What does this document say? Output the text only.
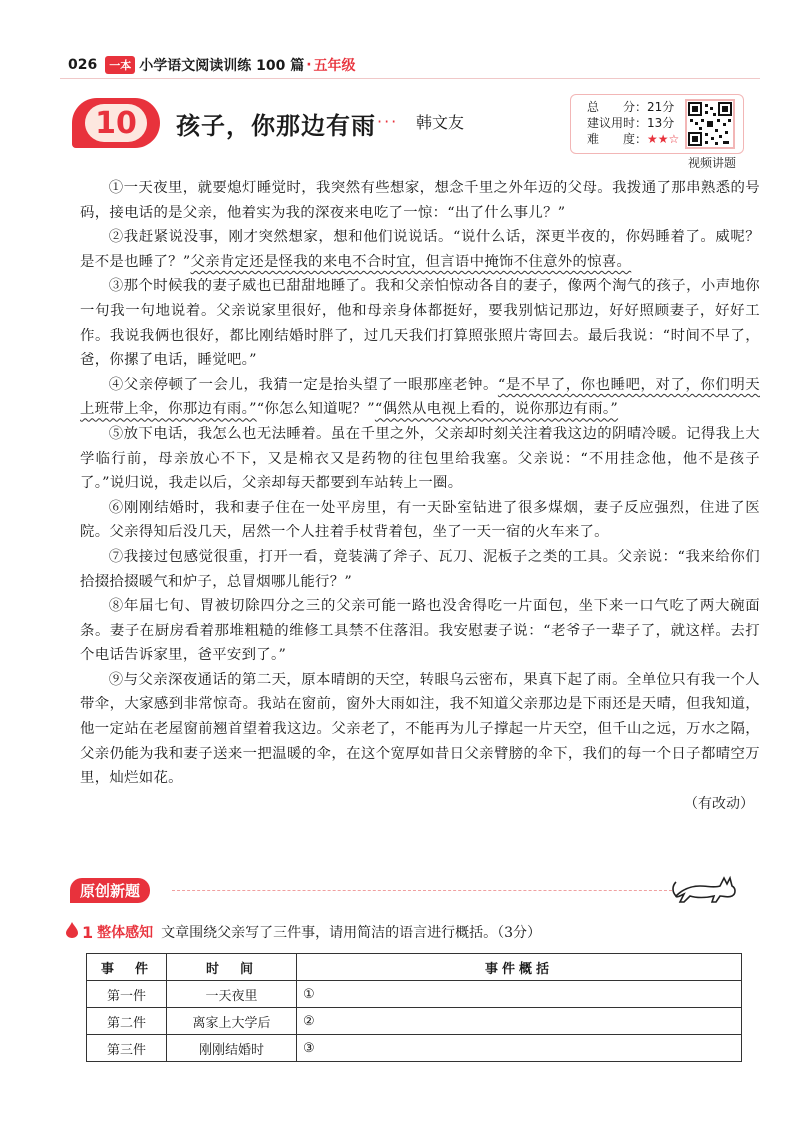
026	一本 小学语文阅读训练 100 篇 · 五年级
10	孩子，你那边有雨 ··· 韩文友
总　　分：21分
建议用时：13分
难　　度：★★☆
视频讲题

①一天夜里，就要熄灯睡觉时，我突然有些想家，想念千里之外年迈的父母。我拨通了那串熟悉的号码，接电话的是父亲，他着实为我的深夜来电吃了一惊：“出了什么事儿？”

②我赶紧说没事，刚才突然想家，想和他们说说话。“说什么话，深更半夜的，你妈睡着了。威呢？是不是也睡了？”父亲肯定还是怪我的来电不合时宜，但言语中掩饰不住意外的惊喜。

③那个时候我的妻子威也已甜甜地睡了。我和父亲怕惊动各自的妻子，像两个淘气的孩子，小声地你一句我一句地说着。父亲说家里很好，他和母亲身体都挺好，要我别惦记那边，好好照顾妻子，好好工作。我说我俩也很好，都比刚结婚时胖了，过几天我们打算照张照片寄回去。最后我说：“时间不早了，爸，你摞了电话，睡觉吧。”

④父亲停顿了一会儿，我猜一定是抬头望了一眼那座老钟。“是不早了，你也睡吧，对了，你们明天上班带上伞，你那边有雨。”“你怎么知道呢？”“偶然从电视上看的，说你那边有雨。”

⑤放下电话，我怎么也无法睡着。虽在千里之外，父亲却时刻关注着我这边的阴晴冷暖。记得我上大学临行前，母亲放心不下，又是棉衣又是药物的往包里给我塞。父亲说：“不用挂念他，他不是孩子了。”说归说，我走以后，父亲却每天都要到车站转上一圈。

⑥刚刚结婚时，我和妻子住在一处平房里，有一天卧室钻进了很多煤烟，妻子反应强烈，住进了医院。父亲得知后没几天，居然一个人拄着手杖背着包，坐了一天一宿的火车来了。

⑦我接过包感觉很重，打开一看，竟装满了斧子、瓦刀、泥板子之类的工具。父亲说：“我来给你们拾掇拾掇暖气和炉子，总冒烟哪儿能行？”

⑧年届七旬、胃被切除四分之三的父亲可能一路也没舍得吃一片面包，坐下来一口气吃了两大碗面条。妻子在厨房看着那堆粗糙的维修工具禁不住落泪。我安慰妻子说：“老爷子一辈子了，就这样。去打个电话告诉家里，爸平安到了。”

⑨与父亲深夜通话的第二天，原本晴朗的天空，转眼乌云密布，果真下起了雨。全单位只有我一个人带伞，大家感到非常惊奇。我站在窗前，窗外大雨如注，我不知道父亲那边是下雨还是天晴，但我知道，他一定站在老屋窗前翘首望着我这边。父亲老了，不能再为儿子撑起一片天空，但千山之远，万水之隔，父亲仍能为我和妻子送来一把温暖的伞，在这个宽厚如昔日父亲臂膀的伞下，我们的每一个日子都晴空万里，灿烂如花。

（有改动）
原创新题
1 整体感知 文章围绕父亲写了三件事，请用简洁的语言进行概括。（3分）
事　件	时　间	事件概括
第一件	一天夜里	①
第二件	离家上大学后	②
第三件	刚刚结婚时	③
